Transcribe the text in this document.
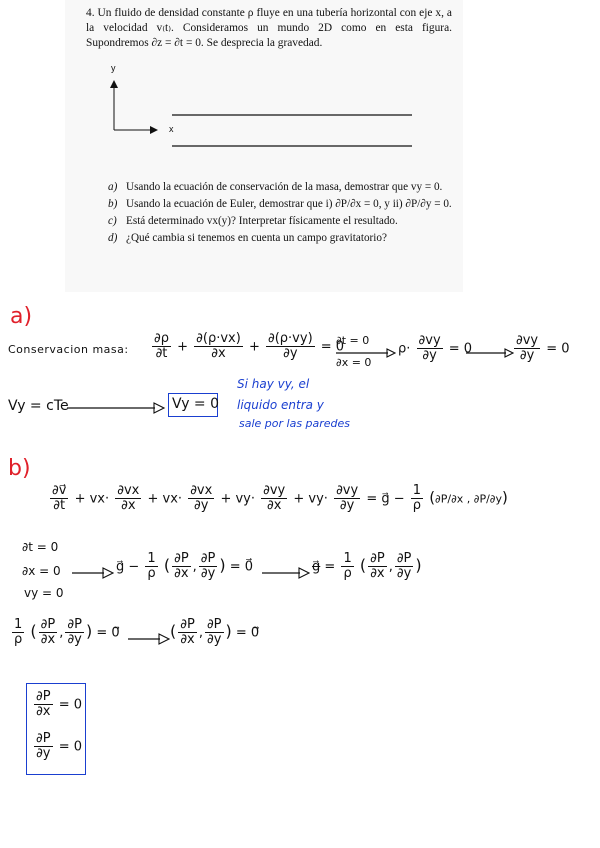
4. Un fluido de densidad constante ρ fluye en una tubería horizontal con eje x, a la velocidad v₍t₎. Consideramos un mundo 2D como en esta figura. Supondremos ∂z = ∂t = 0. Se desprecia la gravedad.
y
x
a) Usando la ecuación de conservación de la masa, demostrar que vy = 0.
b) Usando la ecuación de Euler, demostrar que i) ∂P/∂x = 0, y ii) ∂P/∂y = 0.
c) Está determinado vx(y)? Interpretar físicamente el resultado.
d) ¿Qué cambia si tenemos en cuenta un campo gravitatorio?
a)
Conservacion masa: $\frac{\partial\rho}{\partial t} + \frac{\partial(\rho\cdot vx)}{\partial x} + \frac{\partial(\rho\cdot vy)}{\partial y} = 0$
∂t = 0
∂x = 0
$\rho\cdot \frac{\partial vy}{\partial y} = 0$	$\frac{\partial vy}{\partial y} = 0$
Vy = cTe	Vy = 0
Si hay vy, el
liquido entra y
sale por las paredes
b)
$\frac{\partial v⃗}{\partial t} + vx\cdot \frac{\partial vx}{\partial x} + vx\cdot \frac{\partial vx}{\partial y} + vy\cdot \frac{\partial vy}{\partial x} + vy\cdot \frac{\partial vy}{\partial y}$ = g⃗ − $\frac{1}{\rho} (\partial P/\partial x$ , ∂P/∂y)
∂t = 0
∂x = 0
vy = 0
g⃗ − $\frac{1}{\rho}$ ( $\frac{\partial P}{\partial x}$ , $\frac{\partial P}{\partial y}$ ) = 0⃗	g⃗ = $\frac{1}{\rho}$ ( $\frac{\partial P}{\partial x}$ , $\frac{\partial P}{\partial y}$ )
$\frac{1}{\rho}$ ( $\frac{\partial P}{\partial x}$ , $\frac{\partial P}{\partial y}$ ) = 0⃗	( $\frac{\partial P}{\partial x}$ , $\frac{\partial P}{\partial y}$ ) = 0⃗
$\frac{\partial P}{\partial x} = 0$
$\frac{\partial P}{\partial y} = 0$
